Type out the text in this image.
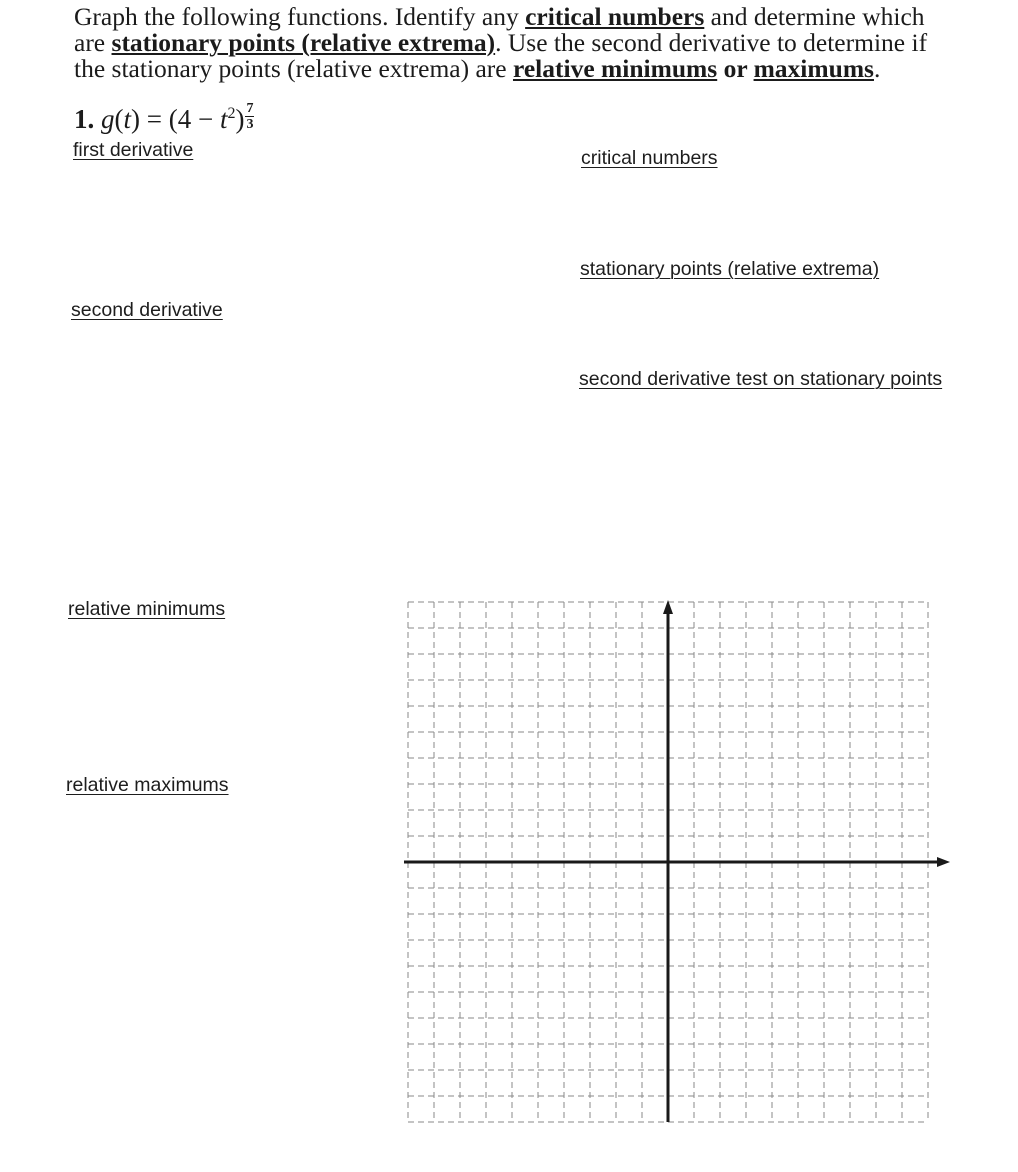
Graph the following functions. Identify any critical numbers and determine which
are stationary points (relative extrema). Use the second derivative to determine if
the stationary points (relative extrema) are relative minimums or maximums.
1. $g(t) = (4 - t^2) \frac{7}{3}$
first derivative	critical numbers
stationary points (relative extrema)
second derivative
second derivative test on stationary points
relative minimums
relative maximums
